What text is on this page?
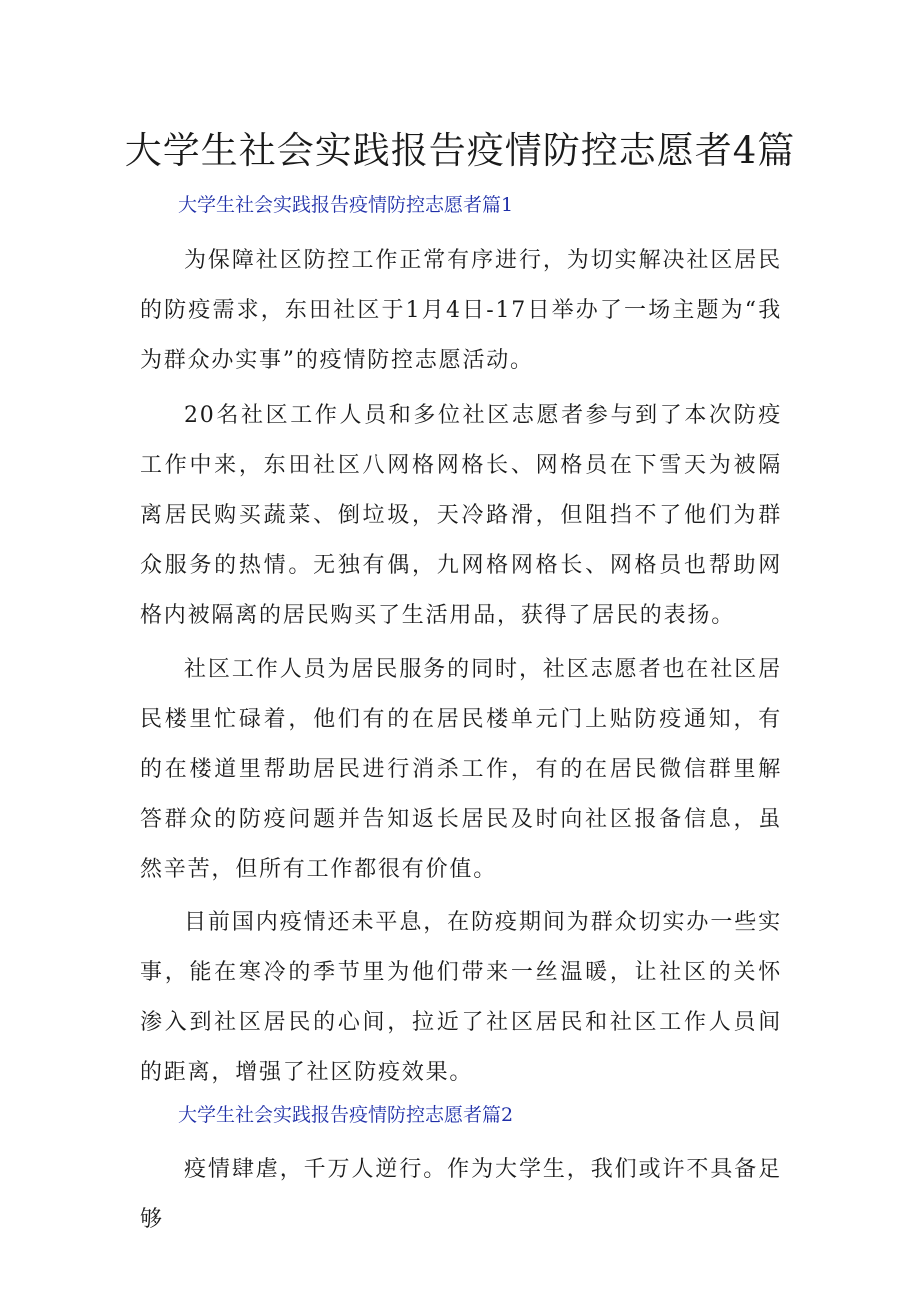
大学生社会实践报告疫情防控志愿者4篇
大学生社会实践报告疫情防控志愿者篇1

为保障社区防控工作正常有序进行，为切实解决社区居民的防疫需求，东田社区于1月4日-17日举办了一场主题为“我为群众办实事”的疫情防控志愿活动。

20名社区工作人员和多位社区志愿者参与到了本次防疫工作中来，东田社区八网格网格长、网格员在下雪天为被隔离居民购买蔬菜、倒垃圾，天冷路滑，但阻挡不了他们为群众服务的热情。无独有偶，九网格网格长、网格员也帮助网格内被隔离的居民购买了生活用品，获得了居民的表扬。

社区工作人员为居民服务的同时，社区志愿者也在社区居民楼里忙碌着，他们有的在居民楼单元门上贴防疫通知，有的在楼道里帮助居民进行消杀工作，有的在居民微信群里解答群众的防疫问题并告知返长居民及时向社区报备信息，虽然辛苦，但所有工作都很有价值。

目前国内疫情还未平息，在防疫期间为群众切实办一些实事，能在寒冷的季节里为他们带来一丝温暖，让社区的关怀渗入到社区居民的心间，拉近了社区居民和社区工作人员间的距离，增强了社区防疫效果。

大学生社会实践报告疫情防控志愿者篇2

疫情肆虐，千万人逆行。作为大学生，我们或许不具备足够
